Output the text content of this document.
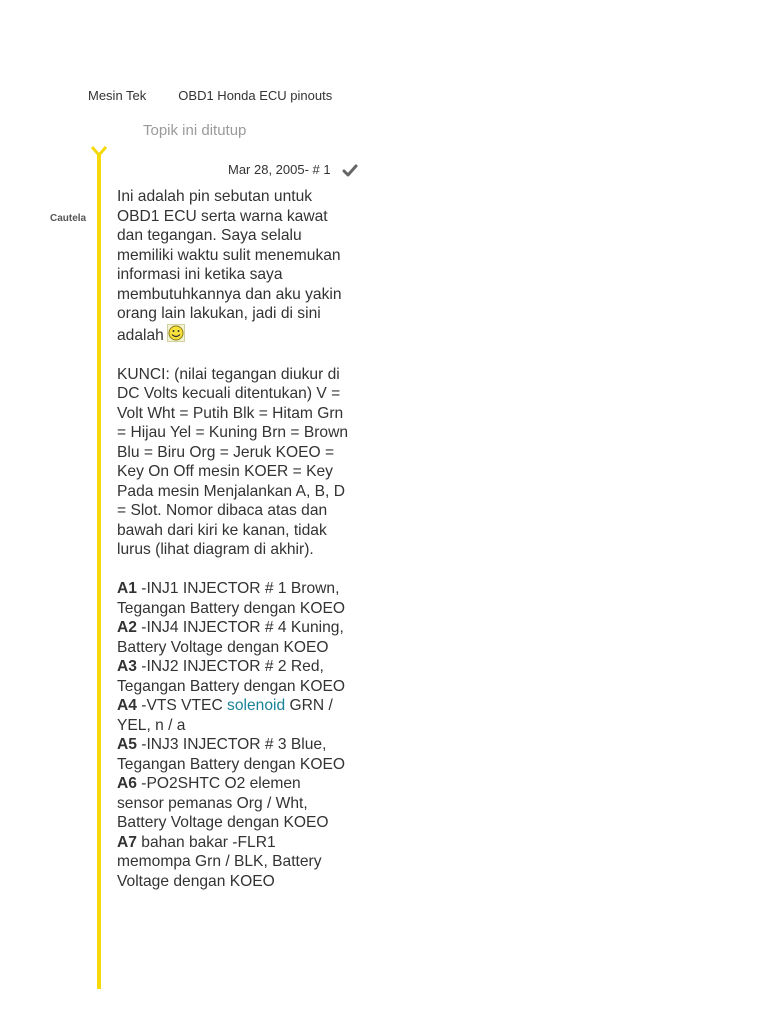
Mesin Tek OBD1 Honda ECU pinouts
Topik ini ditutup
Mar 28, 2005- # 1
Cautela

Ini adalah pin sebutan untuk OBD1 ECU serta warna kawat dan tegangan. Saya selalu memiliki waktu sulit menemukan informasi ini ketika saya membutuhkannya dan aku yakin orang lain lakukan, jadi di sini adalah

KUNCI: (nilai tegangan diukur di DC Volts kecuali ditentukan) V = Volt Wht = Putih Blk = Hitam Grn = Hijau Yel = Kuning Brn = Brown Blu = Biru Org = Jeruk KOEO = Key On Off mesin KOER = Key Pada mesin Menjalankan A, B, D = Slot. Nomor dibaca atas dan bawah dari kiri ke kanan, tidak lurus (lihat diagram di akhir).

A1 -INJ1 INJECTOR # 1 Brown, Tegangan Battery dengan KOEO
A2 -INJ4 INJECTOR # 4 Kuning, Battery Voltage dengan KOEO
A3 -INJ2 INJECTOR # 2 Red, Tegangan Battery dengan KOEO
A4 -VTS VTEC solenoid GRN / YEL, n / a
A5 -INJ3 INJECTOR # 3 Blue, Tegangan Battery dengan KOEO
A6 -PO2SHTC O2 elemen sensor pemanas Org / Wht, Battery Voltage dengan KOEO
A7 bahan bakar -FLR1 memompa Grn / BLK, Battery Voltage dengan KOEO
